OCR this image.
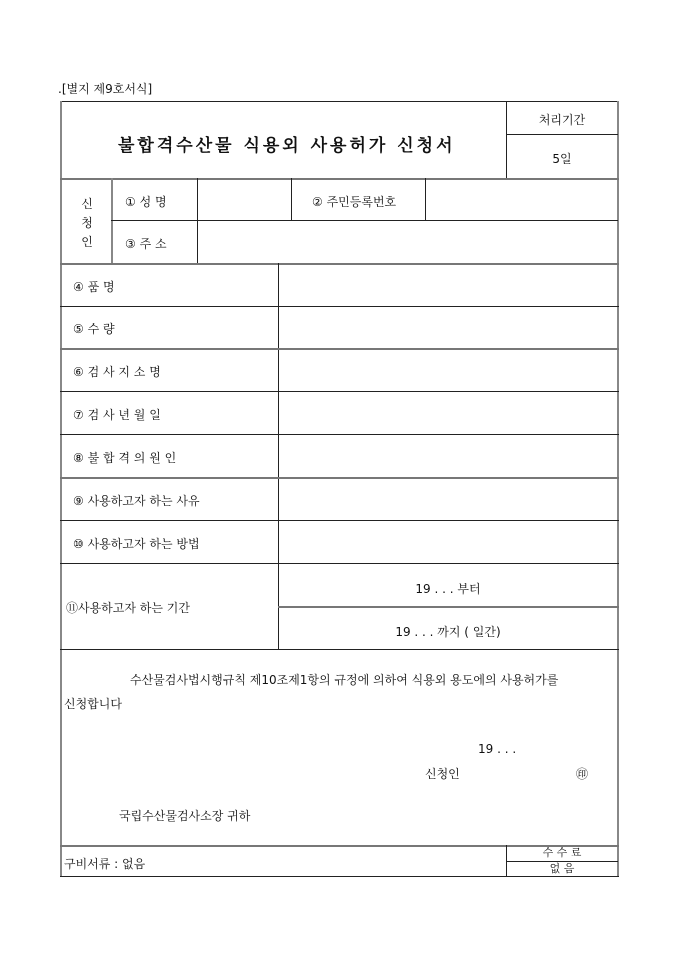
.[별지 제9호서식]
불합격수산물 식용외 사용허가 신청서
처리기간
5일
신
청
인
① 성 명	② 주민등록번호
③ 주 소
④ 품 명
⑤ 수 량
⑥ 검 사 지 소 명
⑦ 검 사 년 월 일
⑧ 불 합 격 의 원 인
⑨ 사용하고자 하는 사유
⑩ 사용하고자 하는 방법
⑪사용하고자 하는 기간
19 . . . 부터
19 . . . 까지 ( 일간)
수산물검사법시행규칙 제10조제1항의 규정에 의하여 식용외 용도에의 사용허가를
신청합니다
19 . . .
신청인	㊞
국립수산물검사소장 귀하
구비서류 : 없음
수 수 료
없 음
